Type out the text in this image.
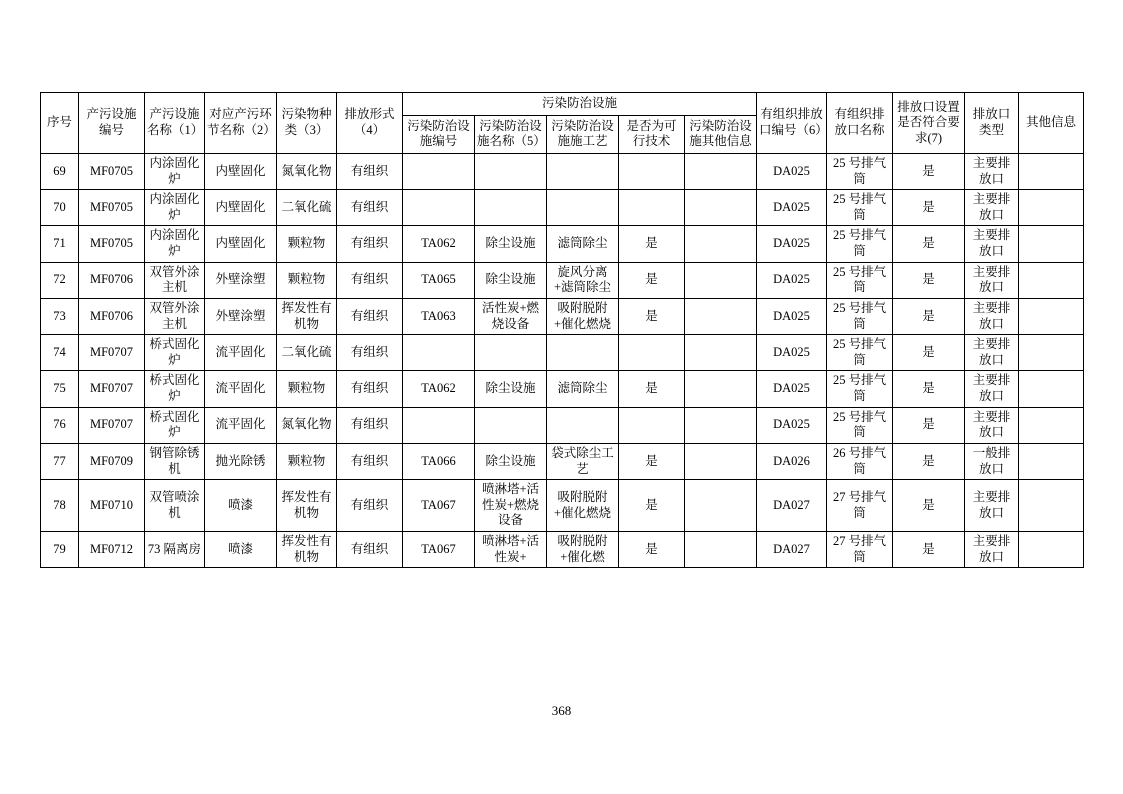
序号	产污设施编号	产污设施名称（1）	对应产污环节名称（2）	污染物种类（3）	排放形式（4）	污染防治设施					有组织排放口编号（6）	有组织排放口名称	排放口设置是否符合要求(7)	排放口类型	其他信息
						污染防治设施编号	污染防治设施名称（5）	污染防治设施施工艺	是否为可行技术	污染防治设施其他信息					
69	MF0705	内涂固化炉	内壁固化	氮氧化物	有组织						DA025	25 号排气筒	是	主要排放口	
70	MF0705	内涂固化炉	内壁固化	二氧化硫	有组织						DA025	25 号排气筒	是	主要排放口	
71	MF0705	内涂固化炉	内壁固化	颗粒物	有组织	TA062	除尘设施	滤筒除尘	是		DA025	25 号排气筒	是	主要排放口	
72	MF0706	双管外涂主机	外壁涂塑	颗粒物	有组织	TA065	除尘设施	旋风分离+滤筒除尘	是		DA025	25 号排气筒	是	主要排放口	
73	MF0706	双管外涂主机	外壁涂塑	挥发性有机物	有组织	TA063	活性炭+燃烧设备	吸附脱附+催化燃烧	是		DA025	25 号排气筒	是	主要排放口	
74	MF0707	桥式固化炉	流平固化	二氧化硫	有组织						DA025	25 号排气筒	是	主要排放口	
75	MF0707	桥式固化炉	流平固化	颗粒物	有组织	TA062	除尘设施	滤筒除尘	是		DA025	25 号排气筒	是	主要排放口	
76	MF0707	桥式固化炉	流平固化	氮氧化物	有组织						DA025	25 号排气筒	是	主要排放口	
77	MF0709	钢管除锈机	抛光除锈	颗粒物	有组织	TA066	除尘设施	袋式除尘工艺	是		DA026	26 号排气筒	是	一般排放口	
78	MF0710	双管喷涂机	喷漆	挥发性有机物	有组织	TA067	喷淋塔+活性炭+燃烧设备	吸附脱附+催化燃烧	是		DA027	27 号排气筒	是	主要排放口	
79	MF0712	73 隔离房	喷漆	挥发性有机物	有组织	TA067	喷淋塔+活性炭+	吸附脱附+催化燃	是		DA027	27 号排气筒	是	主要排放口	
368
